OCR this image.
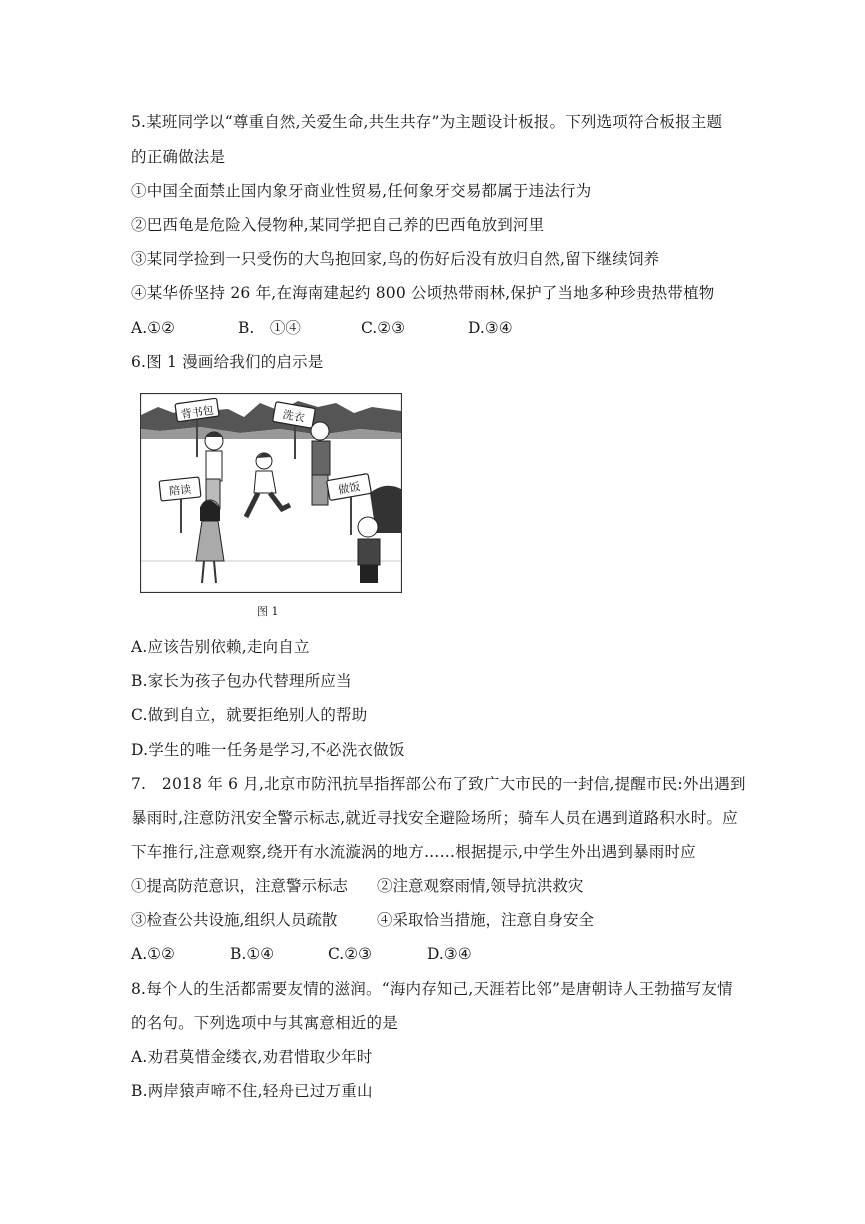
5.某班同学以“尊重自然,关爱生命,共生共存”为主题设计板报。下列选项符合板报主题
的正确做法是
①中国全面禁止国内象牙商业性贸易,任何象牙交易都属于违法行为
②巴西龟是危险入侵物种,某同学把自己养的巴西龟放到河里
③某同学捡到一只受伤的大鸟抱回家,鸟的伤好后没有放归自然,留下继续饲养
④某华侨坚持 26 年,在海南建起约 800 公顷热带雨林,保护了当地多种珍贵热带植物
A.①②	B.　①④	C.②③	D.③④
6.图 1 漫画给我们的启示是
背书包	洗衣
陪读	做饭
图 1
A.应该告别依赖,走向自立
B.家长为孩子包办代替理所应当
C.做到自立，就要拒绝别人的帮助
D.学生的唯一任务是学习,不必洗衣做饭
7.　2018 年 6 月,北京市防汛抗旱指挥部公布了致广大市民的一封信,提醒市民:外出遇到
暴雨时,注意防汛安全警示标志,就近寻找安全避险场所；骑车人员在遇到道路积水时。应
下车推行,注意观察,绕开有水流漩涡的地方……根据提示,中学生外出遇到暴雨时应
①提高防范意识，注意警示标志 ②注意观察雨情,领导抗洪救灾
③检查公共设施,组织人员疏散	④采取恰当措施，注意自身安全
A.①②	B.①④	C.②③	D.③④
8.每个人的生活都需要友情的滋润。“海内存知己,天涯若比邻”是唐朝诗人王勃描写友情
的名句。下列选项中与其寓意相近的是
A.劝君莫惜金缕衣,劝君惜取少年时
B.两岸猿声啼不住,轻舟已过万重山
